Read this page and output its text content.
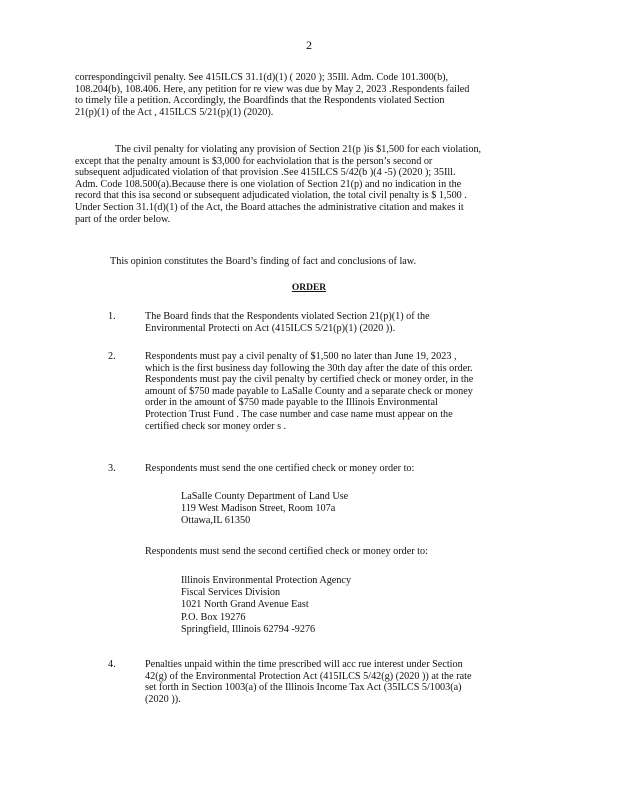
2
correspondingcivil penalty. See 415ILCS 31.1(d)(1) ( 2020 ); 35Ill. Adm. Code 101.300(b),
108.204(b), 108.406. Here, any petition for re view was due by May 2, 2023 .Respondents failed
to timely file a petition. Accordingly, the Boardfinds that the Respondents violated Section
21(p)(1) of the Act , 415ILCS 5/21(p)(1) (2020).
The civil penalty for violating any provision of Section 21(p )is $1,500 for each violation,
except that the penalty amount is $3,000 for eachviolation that is the person’s second or
subsequent adjudicated violation of that provision .See 415ILCS 5/42(b )(4 -5) (2020 ); 35Ill.
Adm. Code 108.500(a).Because there is one violation of Section 21(p) and no indication in the
record that this isa second or subsequent adjudicated violation, the total civil penalty is $ 1,500 .
Under Section 31.1(d)(1) of the Act, the Board attaches the administrative citation and makes it
part of the order below.
This opinion constitutes the Board’s finding of fact and conclusions of law.
ORDER
1.	The Board finds that the Respondents violated Section 21(p)(1) of the
Environmental Protecti on Act (415ILCS 5/21(p)(1) (2020 )).
2.	Respondents must pay a civil penalty of $1,500 no later than June 19, 2023 ,
which is the first business day following the 30th day after the date of this order.
Respondents must pay the civil penalty by certified check or money order, in the
amount of $750 made payable to LaSalle County and a separate check or money
order in the amount of $750 made payable to the Illinois Environmental
Protection Trust Fund . The case number and case name must appear on the
certified check sor money order s .
3.	Respondents must send the one certified check or money order to:
LaSalle County Department of Land Use
119 West Madison Street, Room 107a
Ottawa,IL 61350
Respondents must send the second certified check or money order to:
Illinois Environmental Protection Agency
Fiscal Services Division
1021 North Grand Avenue East
P.O. Box 19276
Springfield, Illinois 62794 -9276
4.	Penalties unpaid within the time prescribed will acc rue interest under Section
42(g) of the Environmental Protection Act (415ILCS 5/42(g) (2020 )) at the rate
set forth in Section 1003(a) of the Illinois Income Tax Act (35ILCS 5/1003(a)
(2020 )).
